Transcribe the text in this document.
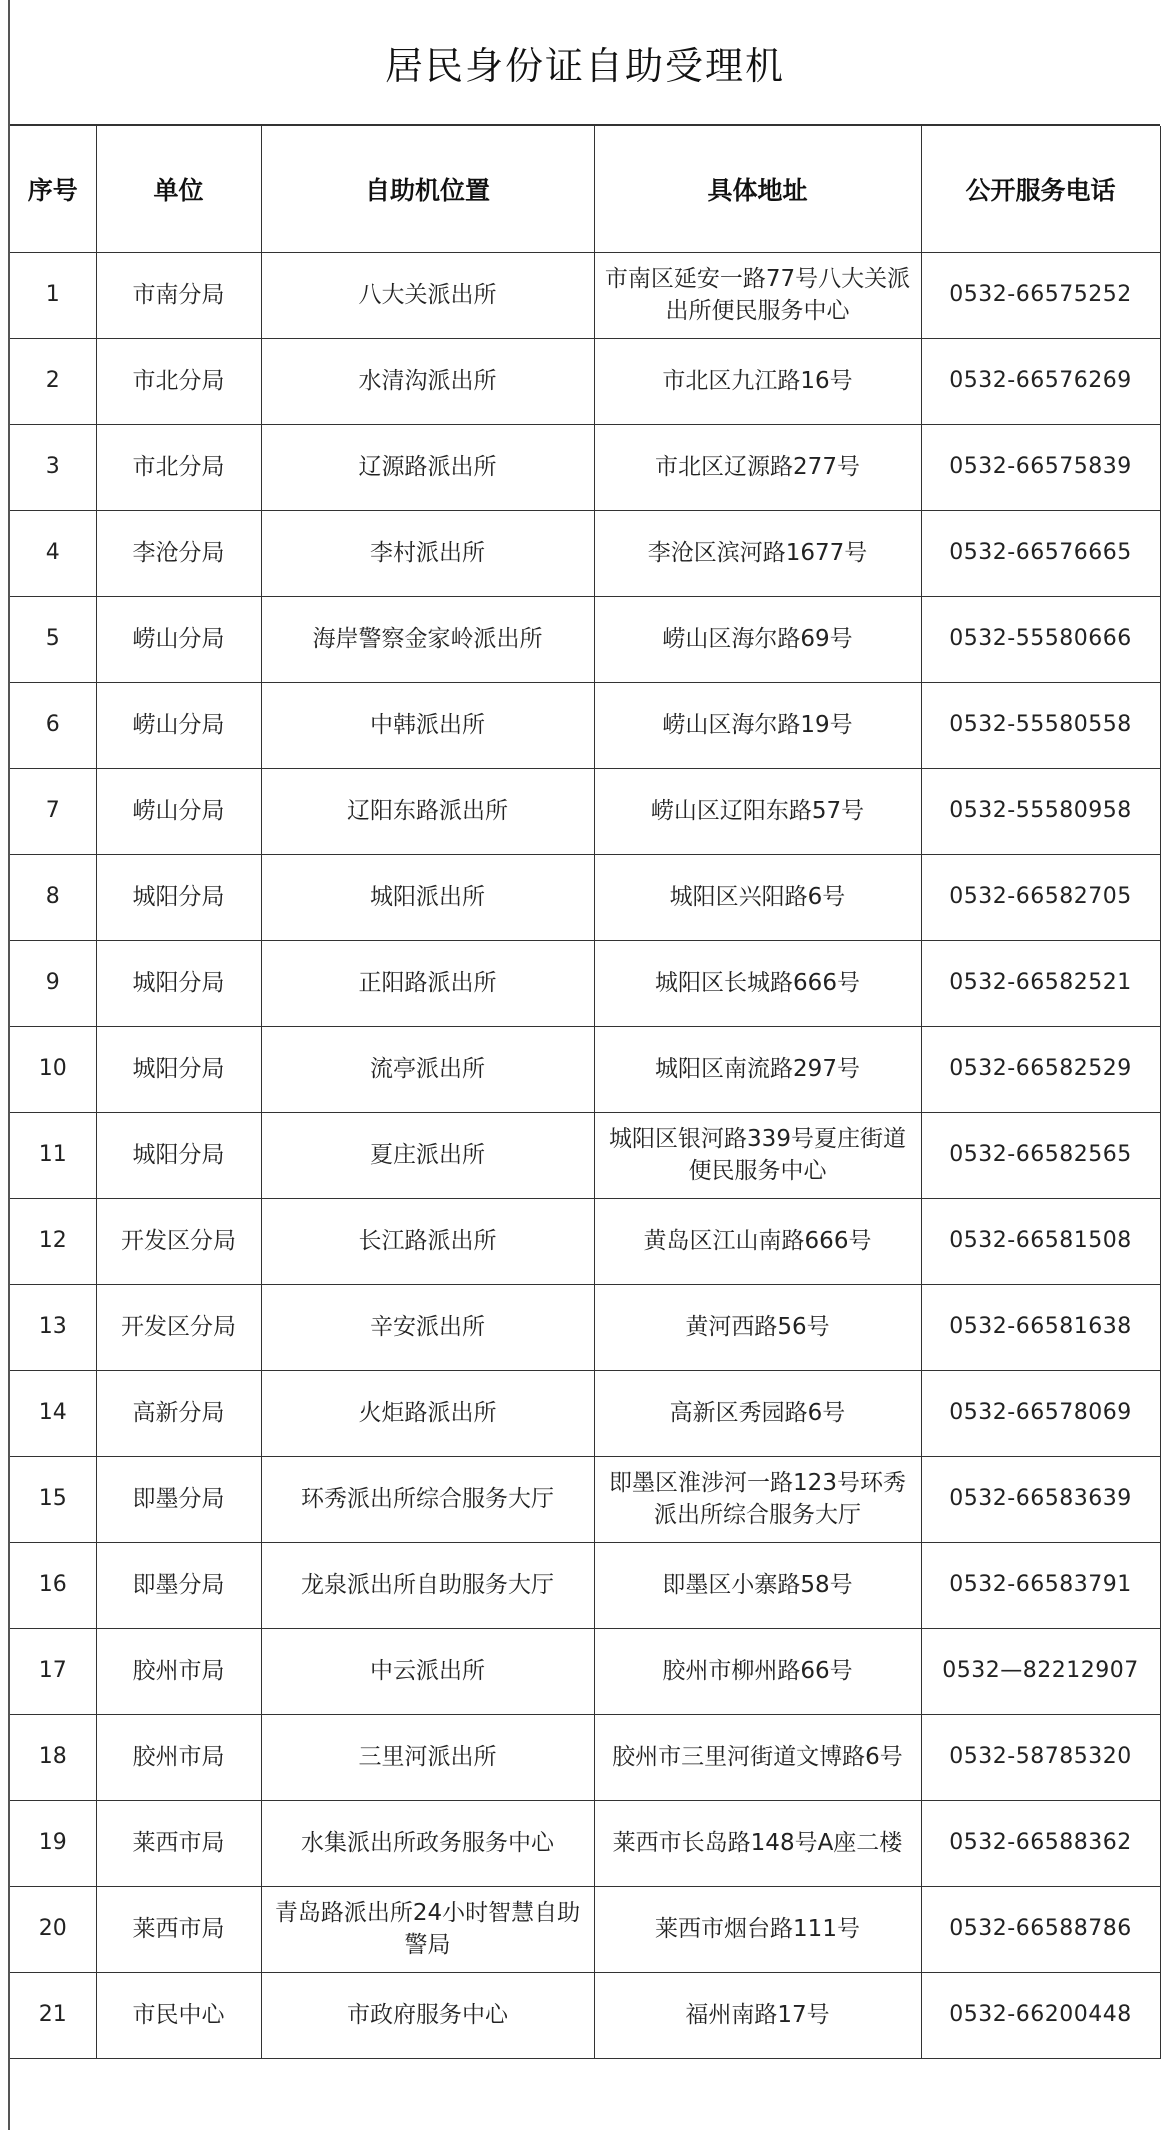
居民身份证自助受理机
序号	单位	自助机位置	具体地址	公开服务电话
1	市南分局	八大关派出所	市南区延安一路77号八大关派出所便民服务中心	0532-66575252
2	市北分局	水清沟派出所	市北区九江路16号	0532-66576269
3	市北分局	辽源路派出所	市北区辽源路277号	0532-66575839
4	李沧分局	李村派出所	李沧区滨河路1677号	0532-66576665
5	崂山分局	海岸警察金家岭派出所	崂山区海尔路69号	0532-55580666
6	崂山分局	中韩派出所	崂山区海尔路19号	0532-55580558
7	崂山分局	辽阳东路派出所	崂山区辽阳东路57号	0532-55580958
8	城阳分局	城阳派出所	城阳区兴阳路6号	0532-66582705
9	城阳分局	正阳路派出所	城阳区长城路666号	0532-66582521
10	城阳分局	流亭派出所	城阳区南流路297号	0532-66582529
11	城阳分局	夏庄派出所	城阳区银河路339号夏庄街道便民服务中心	0532-66582565
12	开发区分局	长江路派出所	黄岛区江山南路666号	0532-66581508
13	开发区分局	辛安派出所	黄河西路56号	0532-66581638
14	高新分局	火炬路派出所	高新区秀园路6号	0532-66578069
15	即墨分局	环秀派出所综合服务大厅	即墨区淮涉河一路123号环秀派出所综合服务大厅	0532-66583639
16	即墨分局	龙泉派出所自助服务大厅	即墨区小寨路58号	0532-66583791
17	胶州市局	中云派出所	胶州市柳州路66号	0532—82212907
18	胶州市局	三里河派出所	胶州市三里河街道文博路6号	0532-58785320
19	莱西市局	水集派出所政务服务中心	莱西市长岛路148号A座二楼	0532-66588362
20	莱西市局	青岛路派出所24小时智慧自助警局	莱西市烟台路111号	0532-66588786
21	市民中心	市政府服务中心	福州南路17号	0532-66200448
